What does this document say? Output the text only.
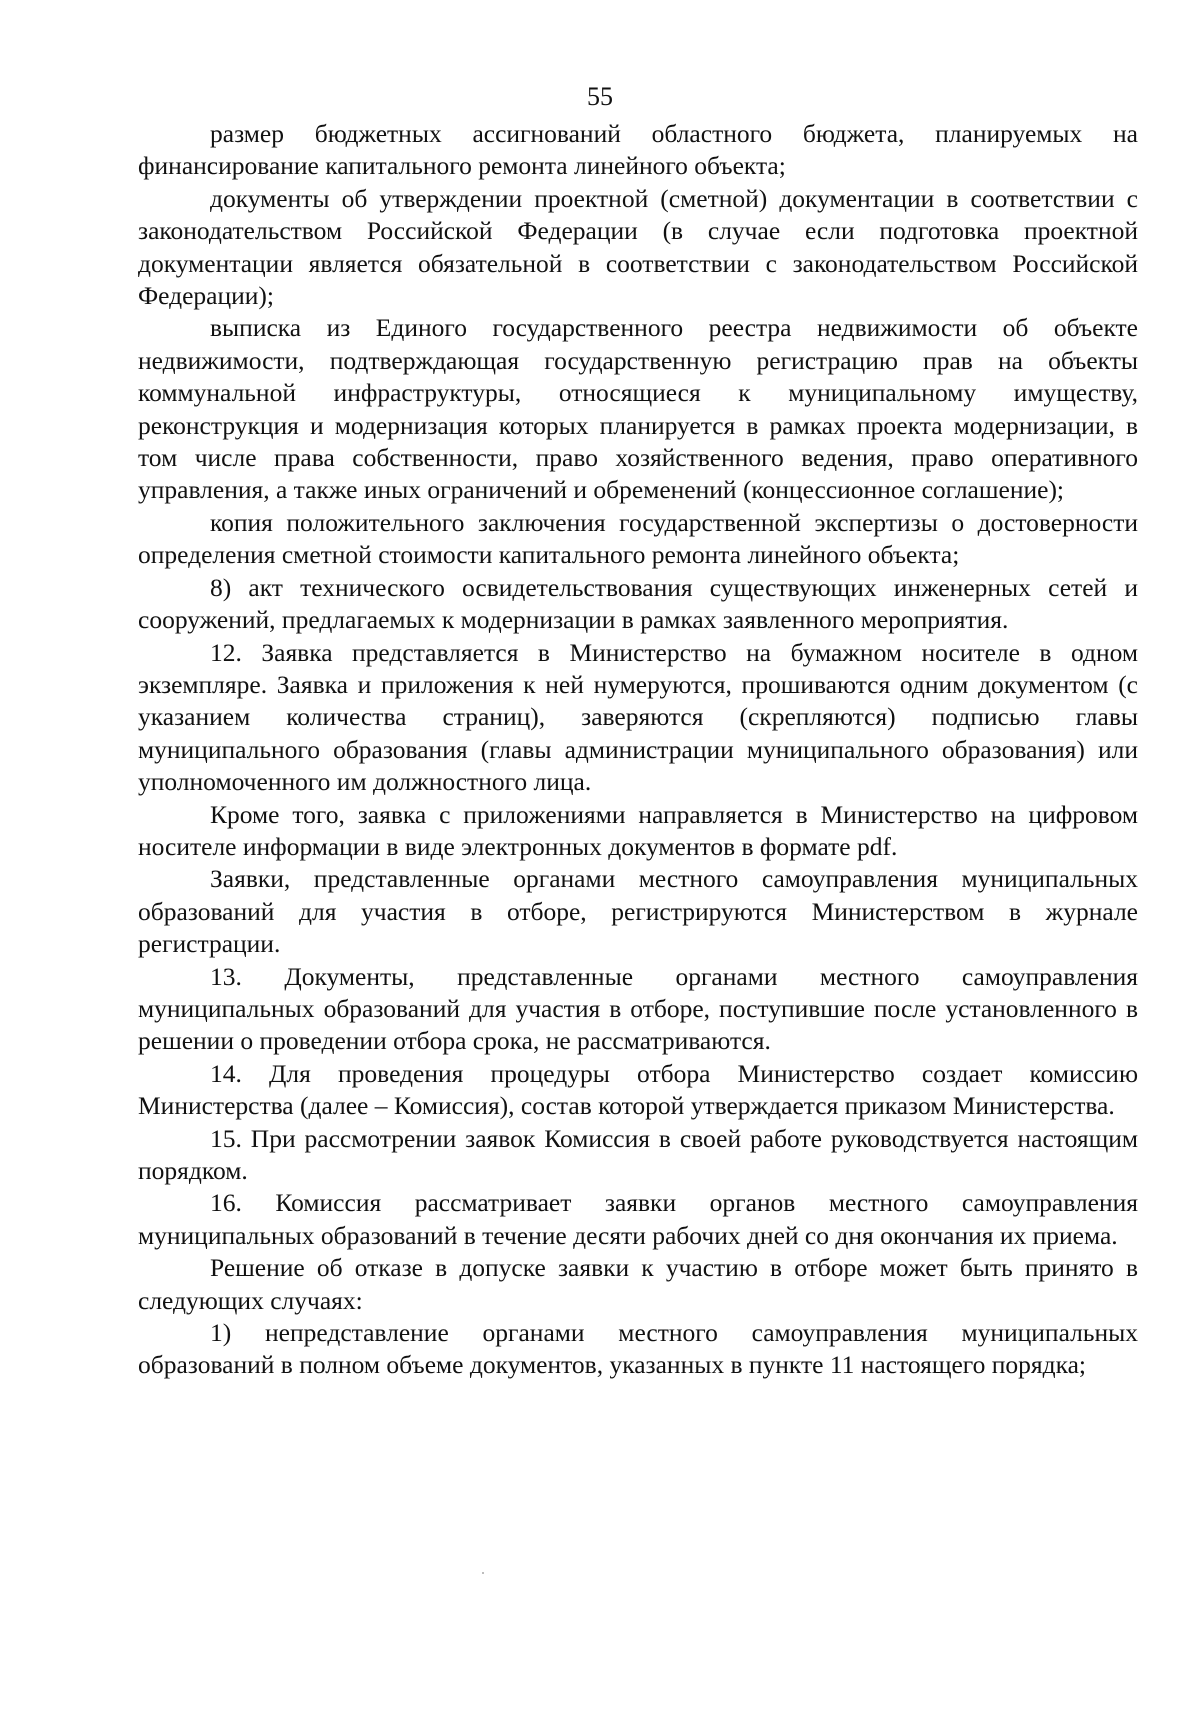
55

размер бюджетных ассигнований областного бюджета, планируемых на финансирование капитального ремонта линейного объекта;

документы об утверждении проектной (сметной) документации в соответствии с законодательством Российской Федерации (в случае если подготовка проектной документации является обязательной в соответствии с законодательством Российской Федерации);

выписка из Единого государственного реестра недвижимости об объекте недвижимости, подтверждающая государственную регистрацию прав на объекты коммунальной инфраструктуры, относящиеся к муниципальному имуществу, реконструкция и модернизация которых планируется в рамках проекта модернизации, в том числе права собственности, право хозяйственного ведения, право оперативного управления, а также иных ограничений и обременений (концессионное соглашение);

копия положительного заключения государственной экспертизы о достоверности определения сметной стоимости капитального ремонта линейного объекта;

8) акт технического освидетельствования существующих инженерных сетей и сооружений, предлагаемых к модернизации в рамках заявленного мероприятия.

12. Заявка представляется в Министерство на бумажном носителе в одном экземпляре. Заявка и приложения к ней нумеруются, прошиваются одним документом (с указанием количества страниц), заверяются (скрепляются) подписью главы муниципального образования (главы администрации муниципального образования) или уполномоченного им должностного лица.

Кроме того, заявка с приложениями направляется в Министерство на цифровом носителе информации в виде электронных документов в формате pdf.

Заявки, представленные органами местного самоуправления муниципальных образований для участия в отборе, регистрируются Министерством в журнале регистрации.

13. Документы, представленные органами местного самоуправления муниципальных образований для участия в отборе, поступившие после установленного в решении о проведении отбора срока, не рассматриваются.

14. Для проведения процедуры отбора Министерство создает комиссию Министерства (далее – Комиссия), состав которой утверждается приказом Министерства.

15. При рассмотрении заявок Комиссия в своей работе руководствуется настоящим порядком.

16. Комиссия рассматривает заявки органов местного самоуправления муниципальных образований в течение десяти рабочих дней со дня окончания их приема.

Решение об отказе в допуске заявки к участию в отборе может быть принято в следующих случаях:

1) непредставление органами местного самоуправления муниципальных образований в полном объеме документов, указанных в пункте 11 настоящего порядка;
